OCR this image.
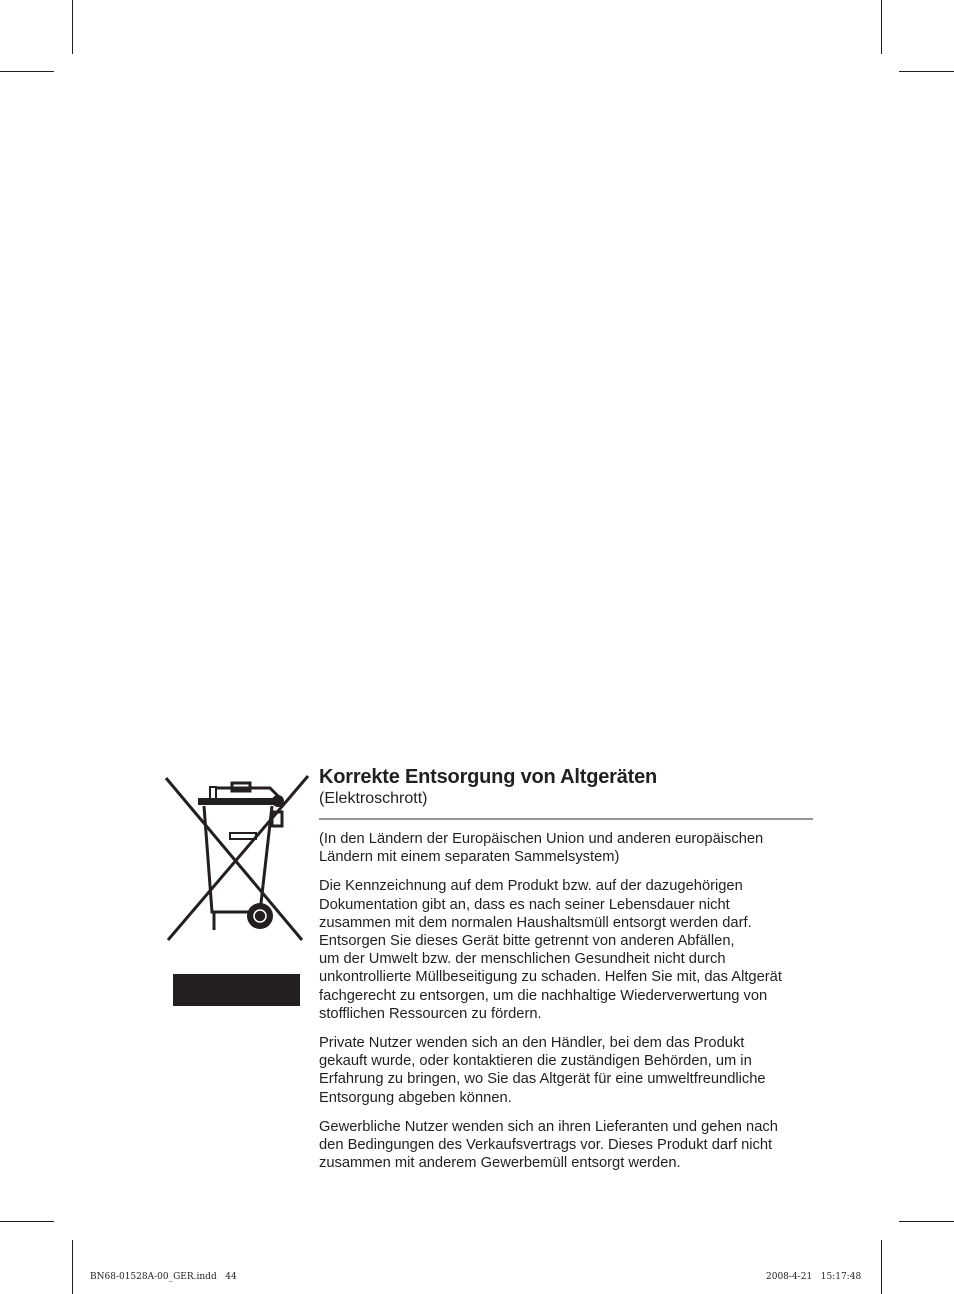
Korrekte Entsorgung von Altgeräten

(Elektroschrott)

(In den Ländern der Europäischen Union und anderen europäischen
Ländern mit einem separaten Sammelsystem)

Die Kennzeichnung auf dem Produkt bzw. auf der dazugehörigen
Dokumentation gibt an, dass es nach seiner Lebensdauer nicht
zusammen mit dem normalen Haushaltsmüll entsorgt werden darf.
Entsorgen Sie dieses Gerät bitte getrennt von anderen Abfällen,
um der Umwelt bzw. der menschlichen Gesundheit nicht durch
unkontrollierte Müllbeseitigung zu schaden. Helfen Sie mit, das Altgerät
fachgerecht zu entsorgen, um die nachhaltige Wiederverwertung von
stofflichen Ressourcen zu fördern.

Private Nutzer wenden sich an den Händler, bei dem das Produkt
gekauft wurde, oder kontaktieren die zuständigen Behörden, um in
Erfahrung zu bringen, wo Sie das Altgerät für eine umweltfreundliche
Entsorgung abgeben können.

Gewerbliche Nutzer wenden sich an ihren Lieferanten und gehen nach
den Bedingungen des Verkaufsvertrags vor. Dieses Produkt darf nicht
zusammen mit anderem Gewerbemüll entsorgt werden.

BN68-01528A-00_GER.indd   44	2008-4-21   15:17:48
